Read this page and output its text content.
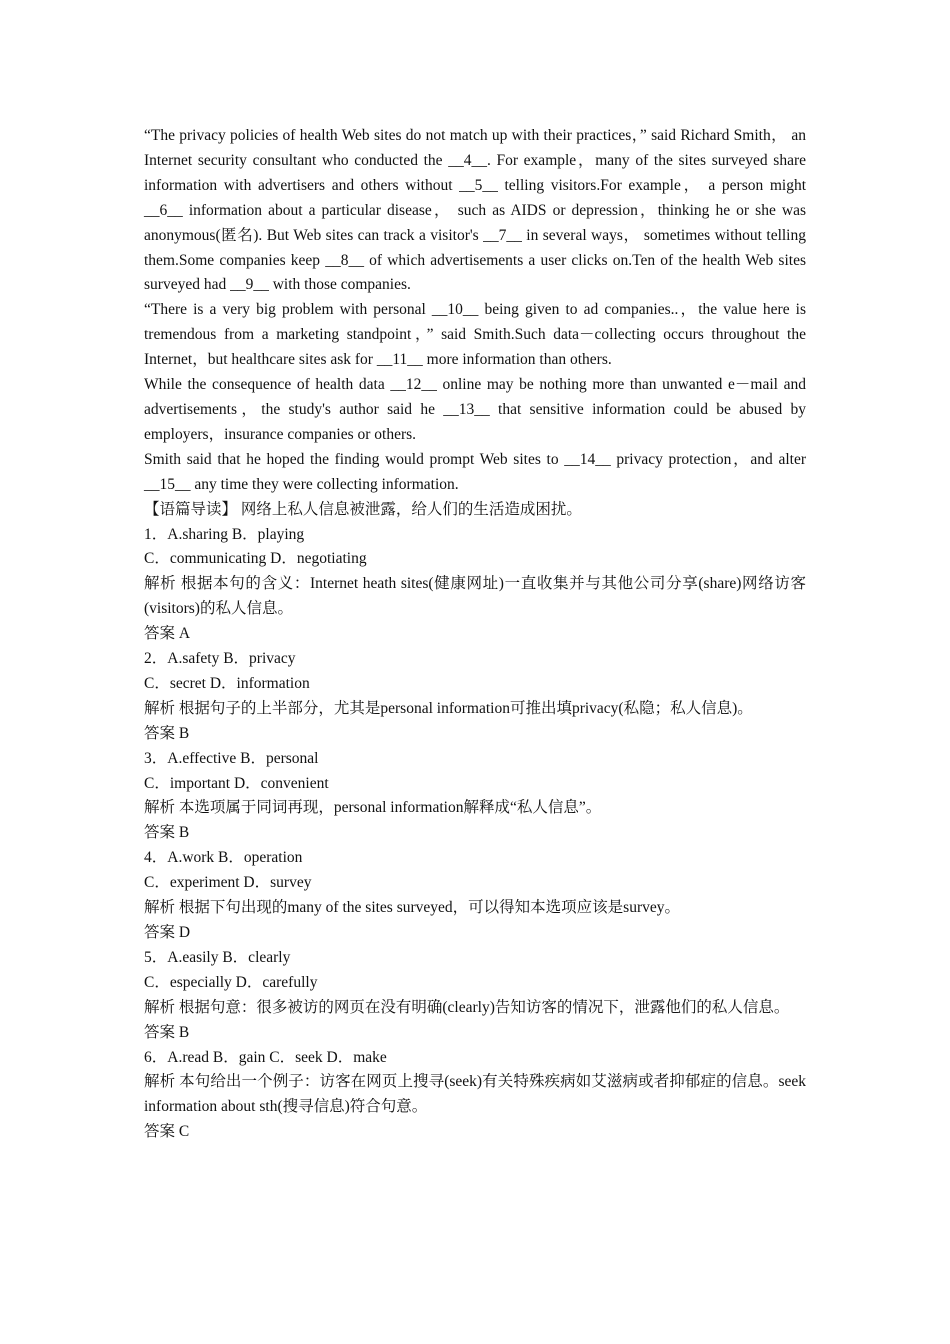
“The privacy policies of health Web sites do not match up with their practices，” said Richard Smith， an Internet security consultant who conducted the __4__. For example，many of the sites surveyed share information with advertisers and others without __5__ telling visitors.For example， a person might __6__ information about a particular disease， such as AIDS or depression，thinking he or she was anonymous(匿名). But Web sites can track a visitor's __7__ in several ways， sometimes without telling them.Some companies keep __8__ of which advertisements a user clicks on.Ten of the health Web sites surveyed had __9__ with those companies.

“There is a very big problem with personal __10__ being given to ad companies..，the value here is tremendous from a marketing standpoint，” said Smith.Such data－collecting occurs throughout the Internet，but healthcare sites ask for __11__ more information than others.

While the consequence of health data __12__ online may be nothing more than unwanted e－mail and advertisements，the study's author said he __13__ that sensitive information could be abused by employers，insurance companies or others.

Smith said that he hoped the finding would prompt Web sites to __14__ privacy protection，and alter __15__ any time they were collecting information.

【语篇导读】 网络上私人信息被泄露，给人们的生活造成困扰。

1．A.sharing B．playing

C．communicating D．negotiating

解析 根据本句的含义：Internet heath sites(健康网址)一直收集并与其他公司分享(share)网络访客(visitors)的私人信息。

答案 A

2．A.safety B．privacy

C．secret D．information

解析 根据句子的上半部分，尤其是personal information可推出填privacy(私隐；私人信息)。

答案 B

3．A.effective B．personal

C．important D．convenient

解析 本选项属于同词再现，personal information解释成“私人信息”。

答案 B

4．A.work B．operation

C．experiment D．survey

解析 根据下句出现的many of the sites surveyed，可以得知本选项应该是survey。

答案 D

5．A.easily B．clearly

C．especially D．carefully

解析 根据句意：很多被访的网页在没有明确(clearly)告知访客的情况下，泄露他们的私人信息。

答案 B

6．A.read B．gain C．seek D．make

解析 本句给出一个例子：访客在网页上搜寻(seek)有关特殊疾病如艾滋病或者抑郁症的信息。seek information about sth(搜寻信息)符合句意。

答案 C
